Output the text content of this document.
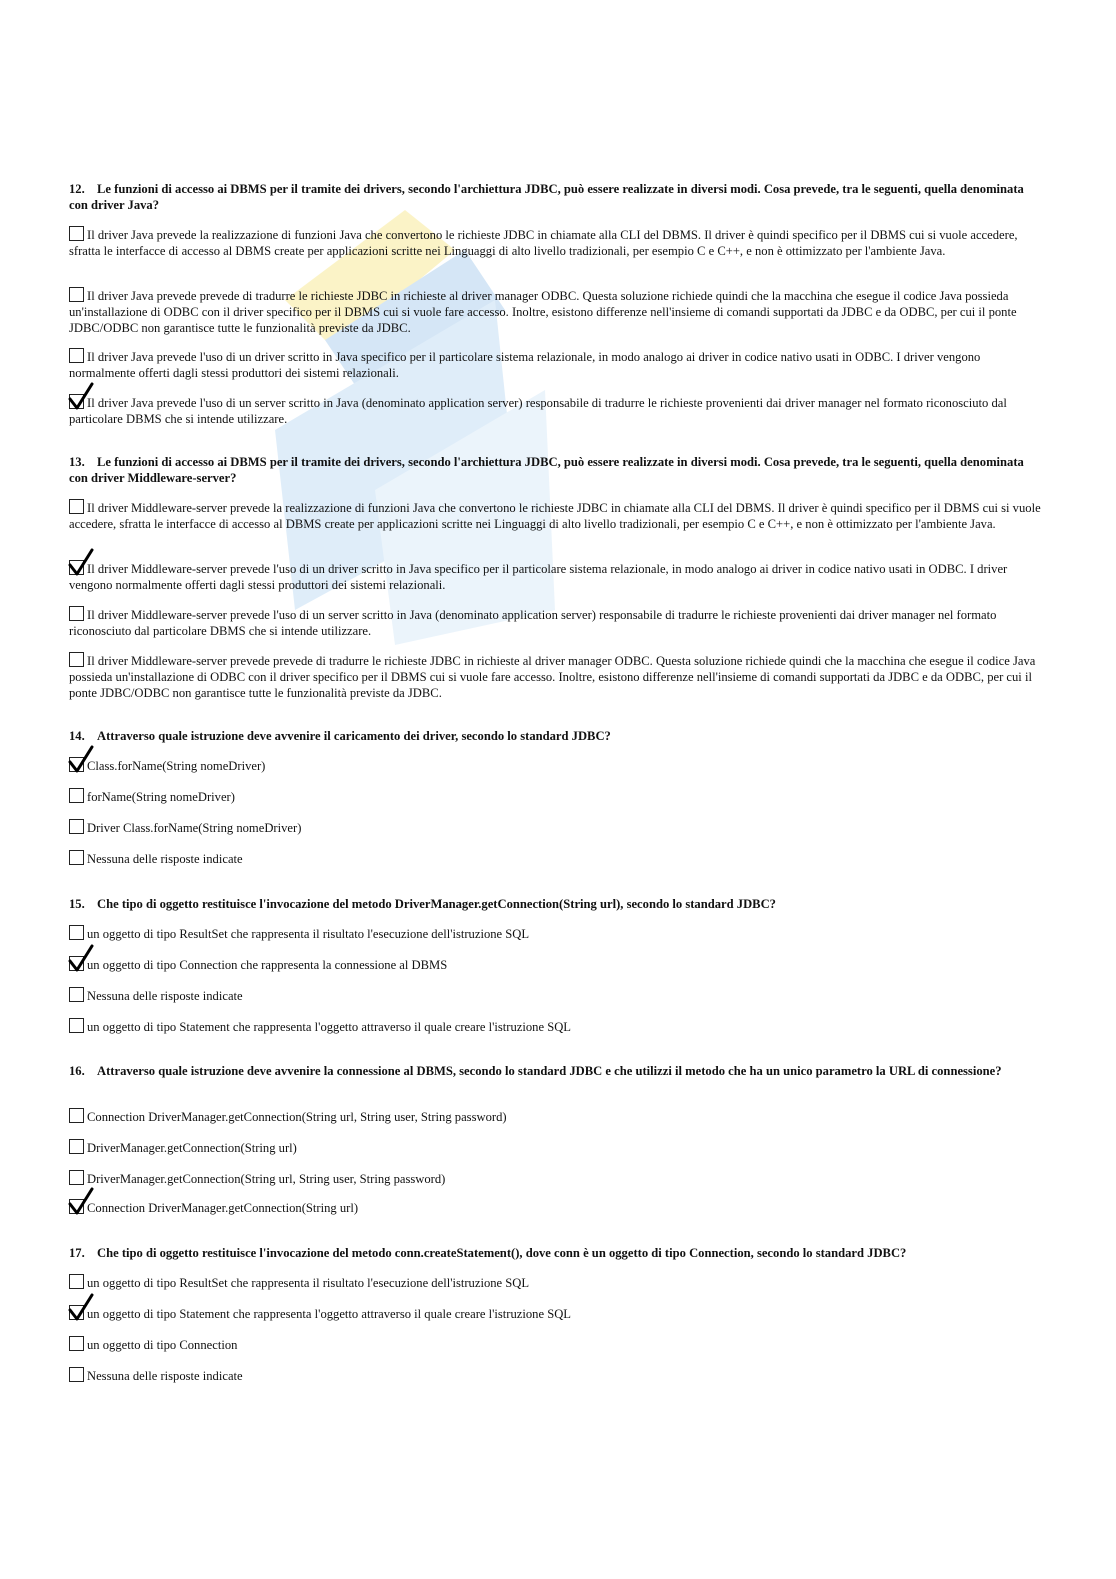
12. Le funzioni di accesso ai DBMS per il tramite dei drivers, secondo l'archiettura JDBC, può essere realizzate in diversi modi. Cosa prevede, tra le seguenti, quella denominata con driver Java?
Il driver Java prevede la realizzazione di funzioni Java che convertono le richieste JDBC in chiamate alla CLI del DBMS. Il driver è quindi specifico per il DBMS cui si vuole accedere, sfratta le interfacce di accesso al DBMS create per applicazioni scritte nei Linguaggi di alto livello tradizionali, per esempio C e C++, e non è ottimizzato per l'ambiente Java.
Il driver Java prevede prevede di tradurre le richieste JDBC in richieste al driver manager ODBC. Questa soluzione richiede quindi che la macchina che esegue il codice Java possieda un'installazione di ODBC con il driver specifico per il DBMS cui si vuole fare accesso. Inoltre, esistono differenze nell'insieme di comandi supportati da JDBC e da ODBC, per cui il ponte JDBC/ODBC non garantisce tutte le funzionalità previste da JDBC.
Il driver Java prevede l'uso di un driver scritto in Java specifico per il particolare sistema relazionale, in modo analogo ai driver in codice nativo usati in ODBC. I driver vengono normalmente offerti dagli stessi produttori dei sistemi relazionali.
Il driver Java prevede l'uso di un server scritto in Java (denominato application server) responsabile di tradurre le richieste provenienti dai driver manager nel formato riconosciuto dal particolare DBMS che si intende utilizzare.
13. Le funzioni di accesso ai DBMS per il tramite dei drivers, secondo l'archiettura JDBC, può essere realizzate in diversi modi. Cosa prevede, tra le seguenti, quella denominata con driver Middleware-server?
Il driver Middleware-server prevede la realizzazione di funzioni Java che convertono le richieste JDBC in chiamate alla CLI del DBMS. Il driver è quindi specifico per il DBMS cui si vuole accedere, sfratta le interfacce di accesso al DBMS create per applicazioni scritte nei Linguaggi di alto livello tradizionali, per esempio C e C++, e non è ottimizzato per l'ambiente Java.
Il driver Middleware-server prevede l'uso di un driver scritto in Java specifico per il particolare sistema relazionale, in modo analogo ai driver in codice nativo usati in ODBC. I driver vengono normalmente offerti dagli stessi produttori dei sistemi relazionali.
Il driver Middleware-server prevede l'uso di un server scritto in Java (denominato application server) responsabile di tradurre le richieste provenienti dai driver manager nel formato riconosciuto dal particolare DBMS che si intende utilizzare.
Il driver Middleware-server prevede prevede di tradurre le richieste JDBC in richieste al driver manager ODBC. Questa soluzione richiede quindi che la macchina che esegue il codice Java possieda un'installazione di ODBC con il driver specifico per il DBMS cui si vuole fare accesso. Inoltre, esistono differenze nell'insieme di comandi supportati da JDBC e da ODBC, per cui il ponte JDBC/ODBC non garantisce tutte le funzionalità previste da JDBC.
14. Attraverso quale istruzione deve avvenire il caricamento dei driver, secondo lo standard JDBC?
Class.forName(String nomeDriver)
forName(String nomeDriver)
Driver Class.forName(String nomeDriver)
Nessuna delle risposte indicate
15. Che tipo di oggetto restituisce l'invocazione del metodo DriverManager.getConnection(String url), secondo lo standard JDBC?
un oggetto di tipo ResultSet che rappresenta il risultato l'esecuzione dell'istruzione SQL
un oggetto di tipo Connection che rappresenta la connessione al DBMS
Nessuna delle risposte indicate
un oggetto di tipo Statement che rappresenta l'oggetto attraverso il quale creare l'istruzione SQL
16. Attraverso quale istruzione deve avvenire la connessione al DBMS, secondo lo standard JDBC e che utilizzi il metodo che ha un unico parametro la URL di connessione?
Connection DriverManager.getConnection(String url, String user, String password)
DriverManager.getConnection(String url)
DriverManager.getConnection(String url, String user, String password)
Connection DriverManager.getConnection(String url)
17. Che tipo di oggetto restituisce l'invocazione del metodo conn.createStatement(), dove conn è un oggetto di tipo Connection, secondo lo standard JDBC?
un oggetto di tipo ResultSet che rappresenta il risultato l'esecuzione dell'istruzione SQL
un oggetto di tipo Statement che rappresenta l'oggetto attraverso il quale creare l'istruzione SQL
un oggetto di tipo Connection
Nessuna delle risposte indicate
